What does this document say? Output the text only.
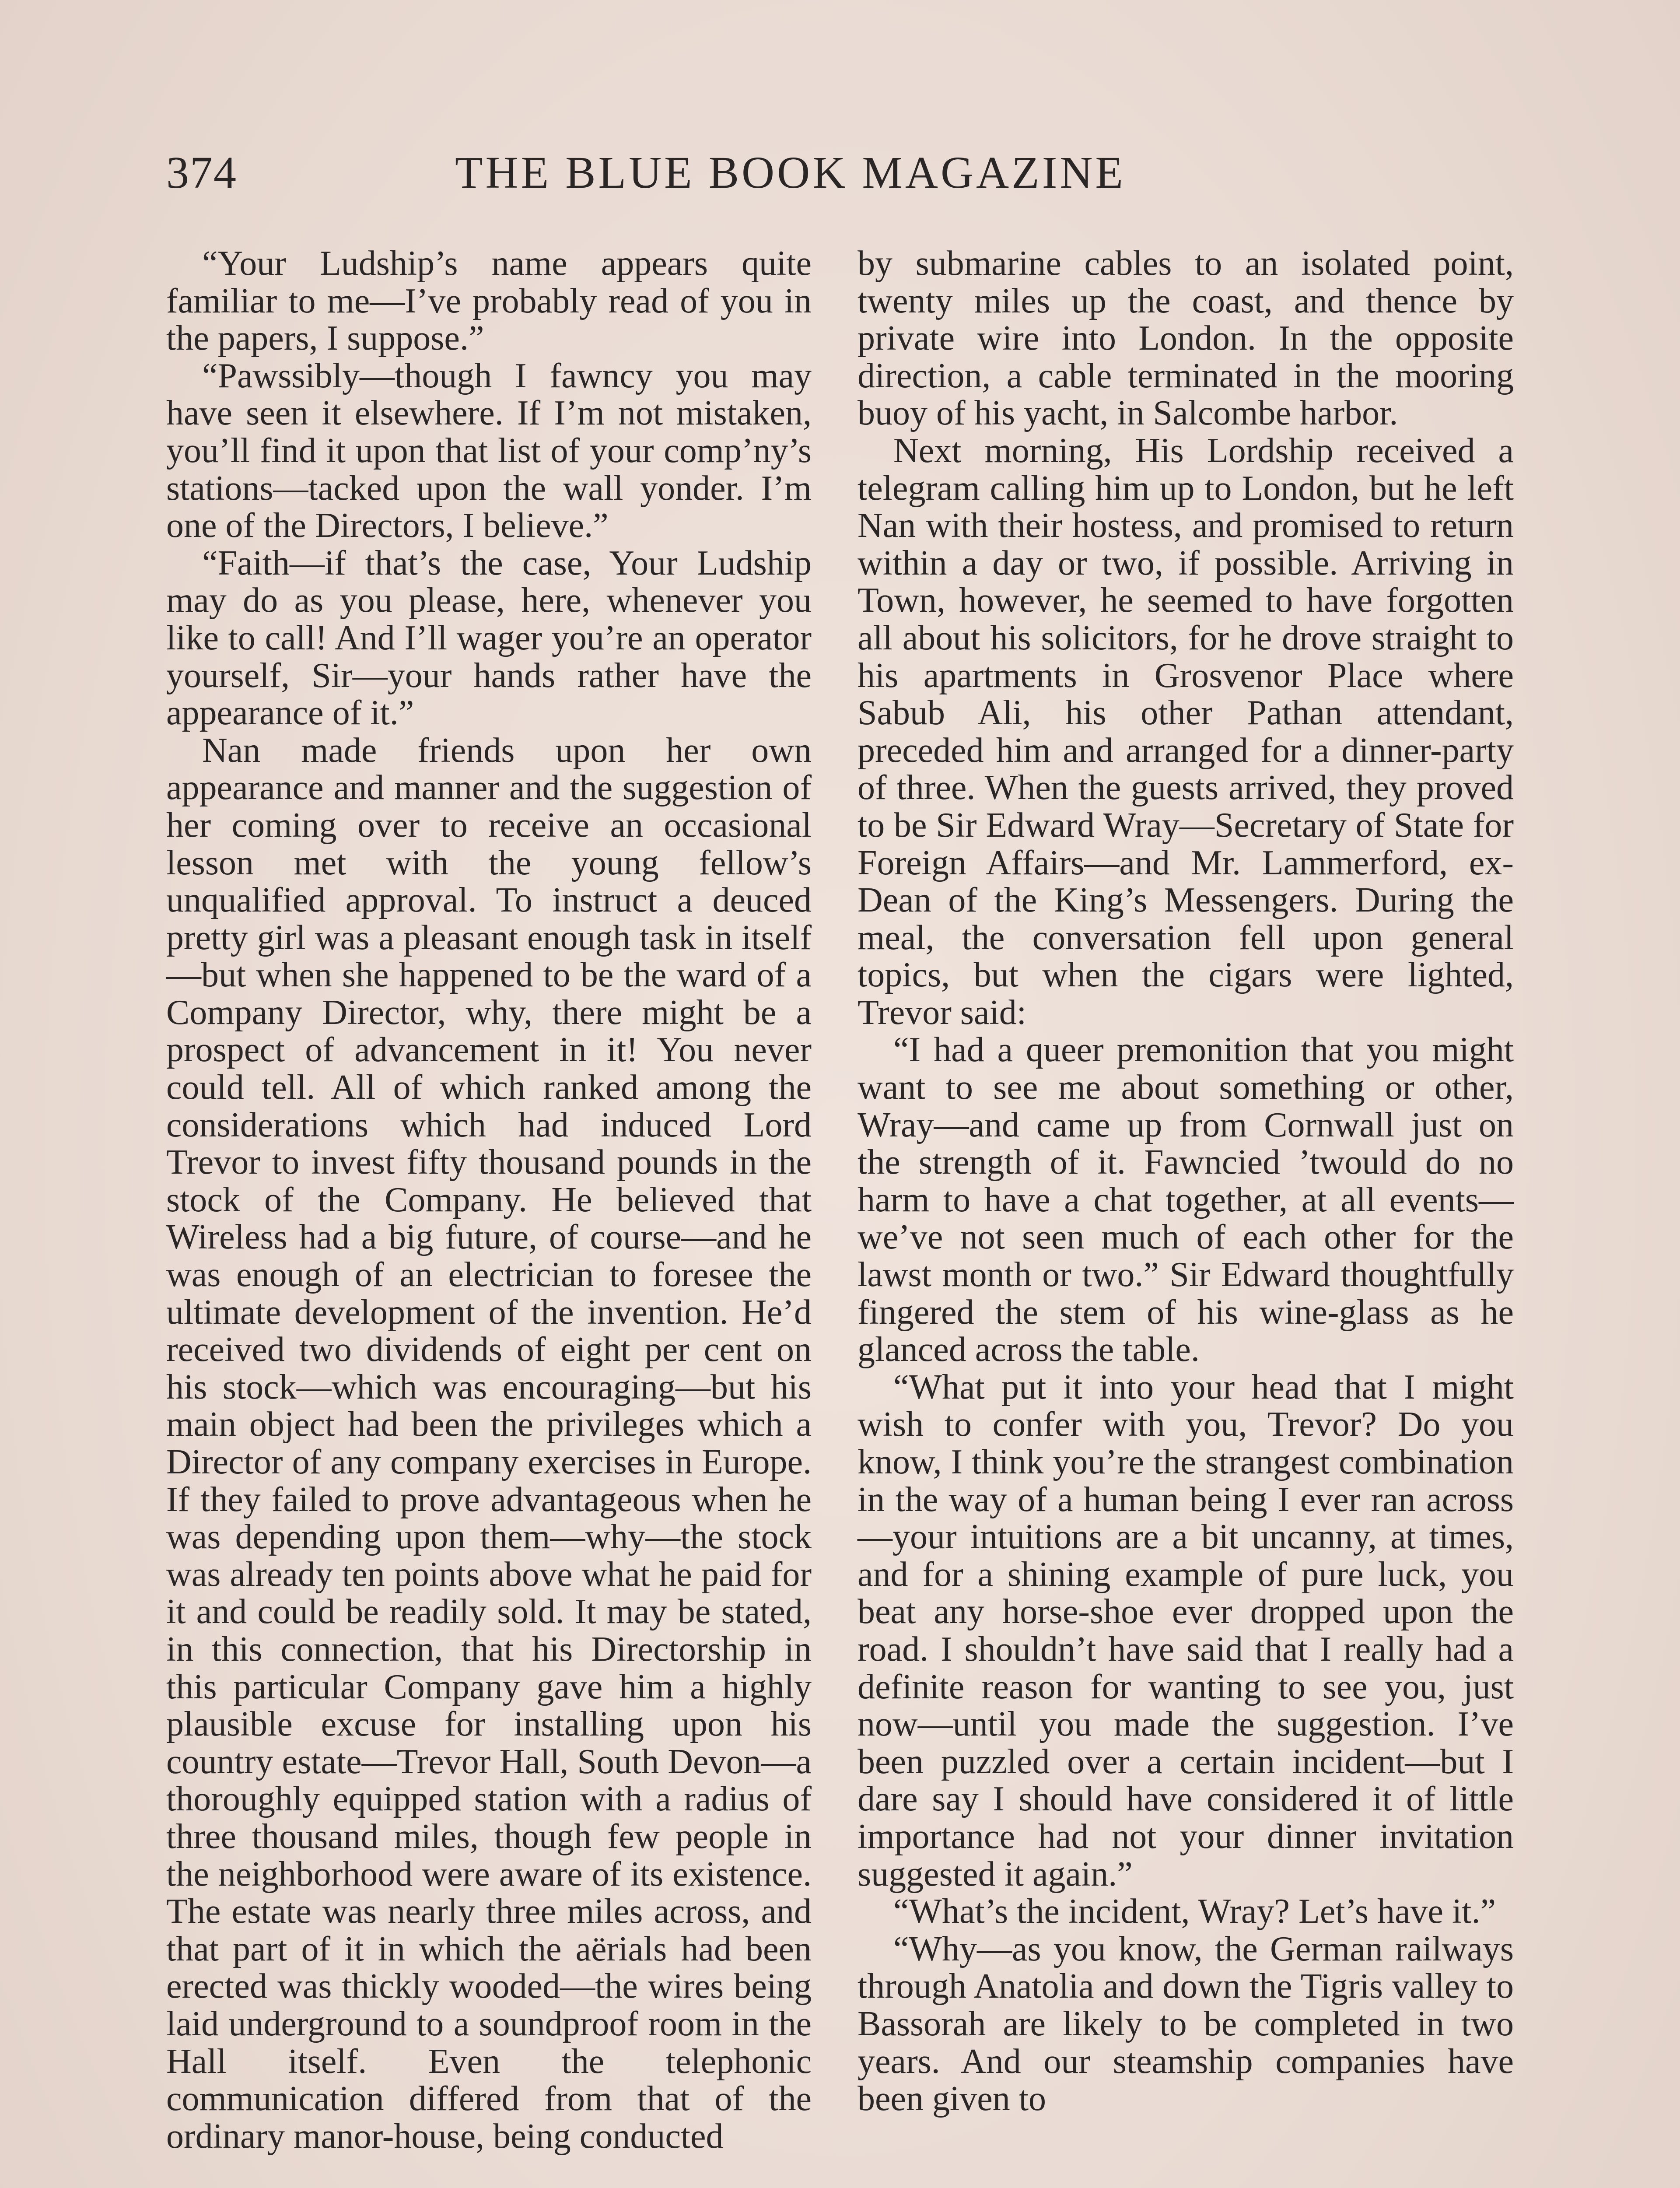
374	THE BLUE BOOK MAGAZINE

“Your Ludship’s name appears quite familiar to me—I’ve probably read of you in the papers, I suppose.”

“Pawssibly—though I fawncy you may have seen it elsewhere. If I’m not mistaken, you’ll find it upon that list of your comp’ny’s stations—tacked upon the wall yonder. I’m one of the Directors, I believe.”

“Faith—if that’s the case, Your Ludship may do as you please, here, whenever you like to call! And I’ll wager you’re an operator yourself, Sir—your hands rather have the appearance of it.”

Nan made friends upon her own appearance and manner and the suggestion of her coming over to receive an occasional lesson met with the young fellow’s unqualified approval. To instruct a deuced pretty girl was a pleasant enough task in itself—but when she happened to be the ward of a Company Director, why, there might be a prospect of advancement in it! You never could tell. All of which ranked among the considerations which had induced Lord Trevor to invest fifty thousand pounds in the stock of the Company. He believed that Wireless had a big future, of course—and he was enough of an electrician to foresee the ultimate development of the invention. He’d received two dividends of eight per cent on his stock—which was encouraging—but his main object had been the privileges which a Director of any company exercises in Europe. If they failed to prove advantageous when he was depending upon them—why—the stock was already ten points above what he paid for it and could be readily sold. It may be stated, in this connection, that his Directorship in this particular Company gave him a highly plausible excuse for installing upon his country estate—Trevor Hall, South Devon—a thoroughly equipped station with a radius of three thousand miles, though few people in the neighborhood were aware of its existence. The estate was nearly three miles across, and that part of it in which the aërials had been erected was thickly wooded—the wires being laid underground to a soundproof room in the Hall itself. Even the telephonic communication differed from that of the ordinary manor-house, being conducted

by submarine cables to an isolated point, twenty miles up the coast, and thence by private wire into London. In the opposite direction, a cable terminated in the mooring buoy of his yacht, in Salcombe harbor.

Next morning, His Lordship received a telegram calling him up to London, but he left Nan with their hostess, and promised to return within a day or two, if possible. Arriving in Town, however, he seemed to have forgotten all about his solicitors, for he drove straight to his apartments in Grosvenor Place where Sabub Ali, his other Pathan attendant, preceded him and arranged for a dinner-party of three. When the guests arrived, they proved to be Sir Edward Wray—Secretary of State for Foreign Affairs—and Mr. Lammerford, ex-Dean of the King’s Messengers. During the meal, the conversation fell upon general topics, but when the cigars were lighted, Trevor said:

“I had a queer premonition that you might want to see me about something or other, Wray—and came up from Cornwall just on the strength of it. Fawncied ’twould do no harm to have a chat together, at all events—we’ve not seen much of each other for the lawst month or two.” Sir Edward thoughtfully fingered the stem of his wine-glass as he glanced across the table.

“What put it into your head that I might wish to confer with you, Trevor? Do you know, I think you’re the strangest combination in the way of a human being I ever ran across—your intuitions are a bit uncanny, at times, and for a shining example of pure luck, you beat any horse-shoe ever dropped upon the road. I shouldn’t have said that I really had a definite reason for wanting to see you, just now—until you made the suggestion. I’ve been puzzled over a certain incident—but I dare say I should have considered it of little importance had not your dinner invitation suggested it again.”

“What’s the incident, Wray? Let’s have it.”

“Why—as you know, the German railways through Anatolia and down the Tigris valley to Bassorah are likely to be completed in two years. And our steamship companies have been given to
